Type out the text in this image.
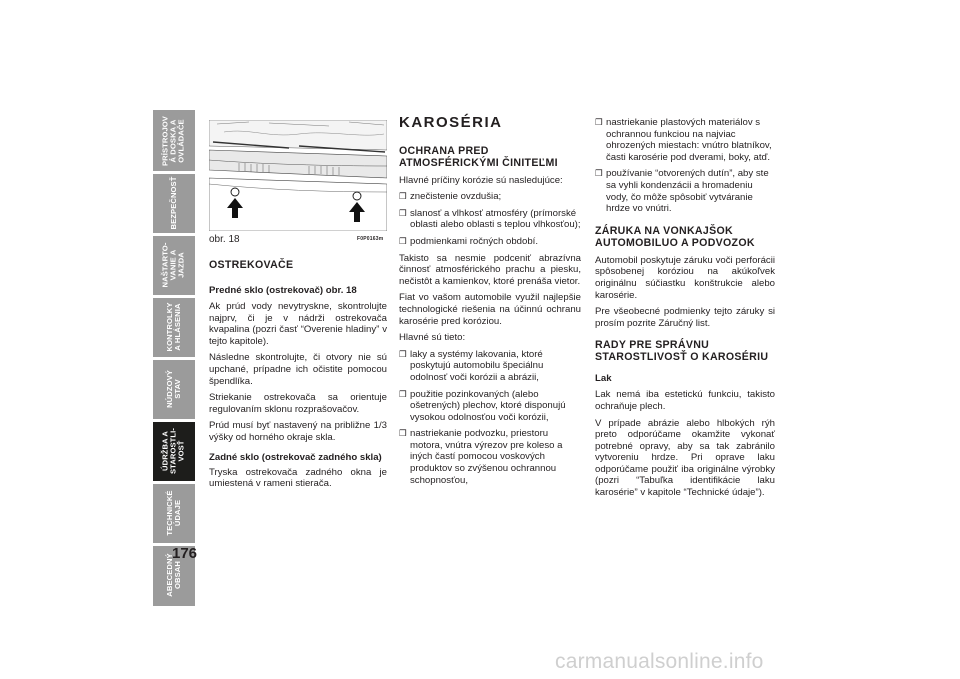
PRÍSTROJOV
Á DOSKA A
OVLÁDAČE
BEZPEČNOSŤ
NAŠTARTO-
VANIE A
JAZDA
KONTROLKY
A HLÁSENIA
NÚDZOVÝ
STAV
ÚDRŽBA A
STAROSTLI-
VOSŤ
TECHNICKÉ
ÚDAJE
ABECEDNÝ
OBSAH
176
obr. 18	F0P0163m
OSTREKOVAČE
Predné sklo (ostrekovač) obr. 18

Ak prúd vody nevytryskne, skontrolujte najprv, či je v nádrži ostrekovača kvapalina (pozri časť “Overenie hladiny” v tejto kapitole).

Následne skontrolujte, či otvory nie sú upchané, prípadne ich očistite pomocou špendlíka.

Striekanie ostrekovača sa orientuje regulovaním sklonu rozprašovačov.

Prúd musí byť nastavený na približne 1/3 výšky od horného okraje skla.

Zadné sklo (ostrekovač zadného skla)

Tryska ostrekovača zadného okna je umiestená v rameni stierača.

KAROSÉRIA
OCHRANA PRED ATMOSFÉRICKÝMI ČINITEĽMI

Hlavné príčiny korózie sú nasledujúce:

❒ znečistenie ovzdušia;
❒ slanosť a vlhkosť atmosféry (prímorské oblasti alebo oblasti s teplou vlhkosťou);
❒ podmienkami ročných období.

Takisto sa nesmie podceniť abrazívna činnosť atmosférického prachu a piesku, nečistôt a kamienkov, ktoré prenáša vietor.

Fiat vo vašom automobile využil najlepšie technologické riešenia na účinnú ochranu karosérie pred koróziou.

Hlavné sú tieto:

❒ laky a systémy lakovania, ktoré poskytujú automobilu špeciálnu odolnosť voči korózii a abrázii,
❒ použitie pozinkovaných (alebo ošetrených) plechov, ktoré disponujú vysokou odolnosťou voči korózii,
❒ nastriekanie podvozku, priestoru motora, vnútra výrezov pre koleso a iných častí pomocou voskových produktov so zvýšenou ochrannou schopnosťou,
❒ nastriekanie plastových materiálov s ochrannou funkciou na najviac ohrozených miestach: vnútro blatníkov, časti karosérie pod dverami, boky, atď.
❒ používanie “otvorených dutín”, aby ste sa vyhli kondenzácii a hromadeniu vody, čo môže spôsobiť vytváranie hrdze vo vnútri.
ZÁRUKA NA VONKAJŠOK AUTOMOBILUO A PODVOZOK

Automobil poskytuje záruku voči perforácii spôsobenej koróziou na akúkoľvek originálnu súčiastku konštrukcie alebo karosérie.

Pre všeobecné podmienky tejto záruky si prosím pozrite Záručný list.

RADY PRE SPRÁVNU STAROSTLIVOSŤ O KAROSÉRIU
Lak

Lak nemá iba estetickú funkciu, takisto ochraňuje plech.

V prípade abrázie alebo hlbokých rýh preto odporúčame okamžite vykonať potrebné opravy, aby sa tak zabránilo vytvoreniu hrdze. Pri oprave laku odporúčame použiť iba originálne výrobky (pozri “Tabuľka identifikácie laku karosérie” v kapitole “Technické údaje”).

carmanualsonline.info
